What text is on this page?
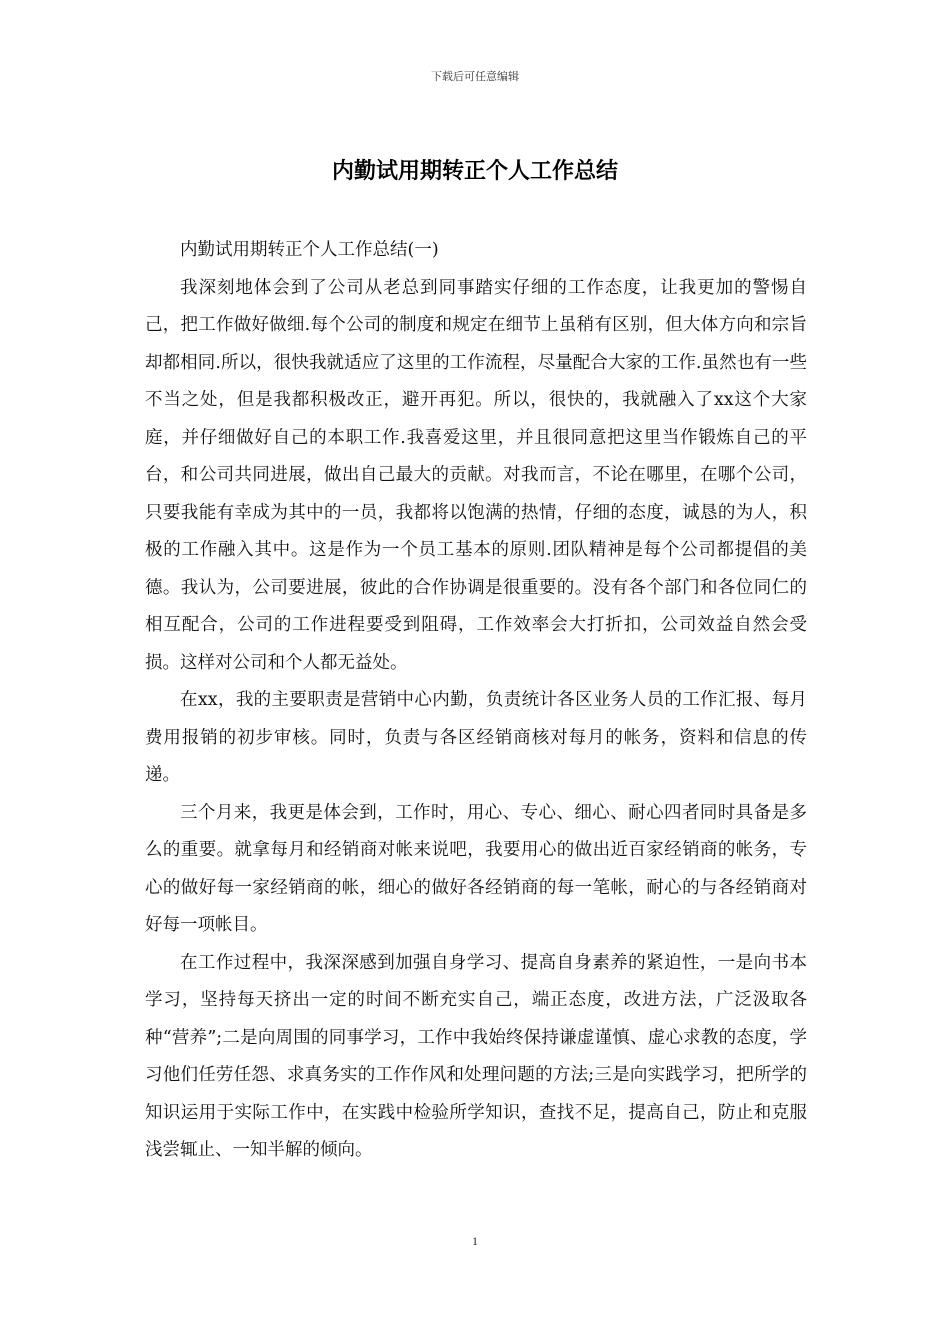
下载后可任意编辑
内勤试用期转正个人工作总结

内勤试用期转正个人工作总结(一)

我深刻地体会到了公司从老总到同事踏实仔细的工作态度，让我更加的警惕自己，把工作做好做细.每个公司的制度和规定在细节上虽稍有区别，但大体方向和宗旨却都相同.所以，很快我就适应了这里的工作流程，尽量配合大家的工作.虽然也有一些不当之处，但是我都积极改正，避开再犯。所以，很快的，我就融入了xx这个大家庭，并仔细做好自己的本职工作.我喜爱这里，并且很同意把这里当作锻炼自己的平台，和公司共同进展，做出自己最大的贡献。对我而言，不论在哪里，在哪个公司，只要我能有幸成为其中的一员，我都将以饱满的热情，仔细的态度，诚恳的为人，积极的工作融入其中。这是作为一个员工基本的原则.团队精神是每个公司都提倡的美德。我认为，公司要进展，彼此的合作协调是很重要的。没有各个部门和各位同仁的相互配合，公司的工作进程要受到阻碍，工作效率会大打折扣，公司效益自然会受损。这样对公司和个人都无益处。

在xx，我的主要职责是营销中心内勤，负责统计各区业务人员的工作汇报、每月费用报销的初步审核。同时，负责与各区经销商核对每月的帐务，资料和信息的传递。

三个月来，我更是体会到，工作时，用心、专心、细心、耐心四者同时具备是多么的重要。就拿每月和经销商对帐来说吧，我要用心的做出近百家经销商的帐务，专心的做好每一家经销商的帐，细心的做好各经销商的每一笔帐，耐心的与各经销商对好每一项帐目。

在工作过程中，我深深感到加强自身学习、提高自身素养的紧迫性，一是向书本学习，坚持每天挤出一定的时间不断充实自己，端正态度，改进方法，广泛汲取各种“营养”;二是向周围的同事学习，工作中我始终保持谦虚谨慎、虚心求教的态度，学习他们任劳任怨、求真务实的工作作风和处理问题的方法;三是向实践学习，把所学的知识运用于实际工作中，在实践中检验所学知识，查找不足，提高自己，防止和克服浅尝辄止、一知半解的倾向。

1
